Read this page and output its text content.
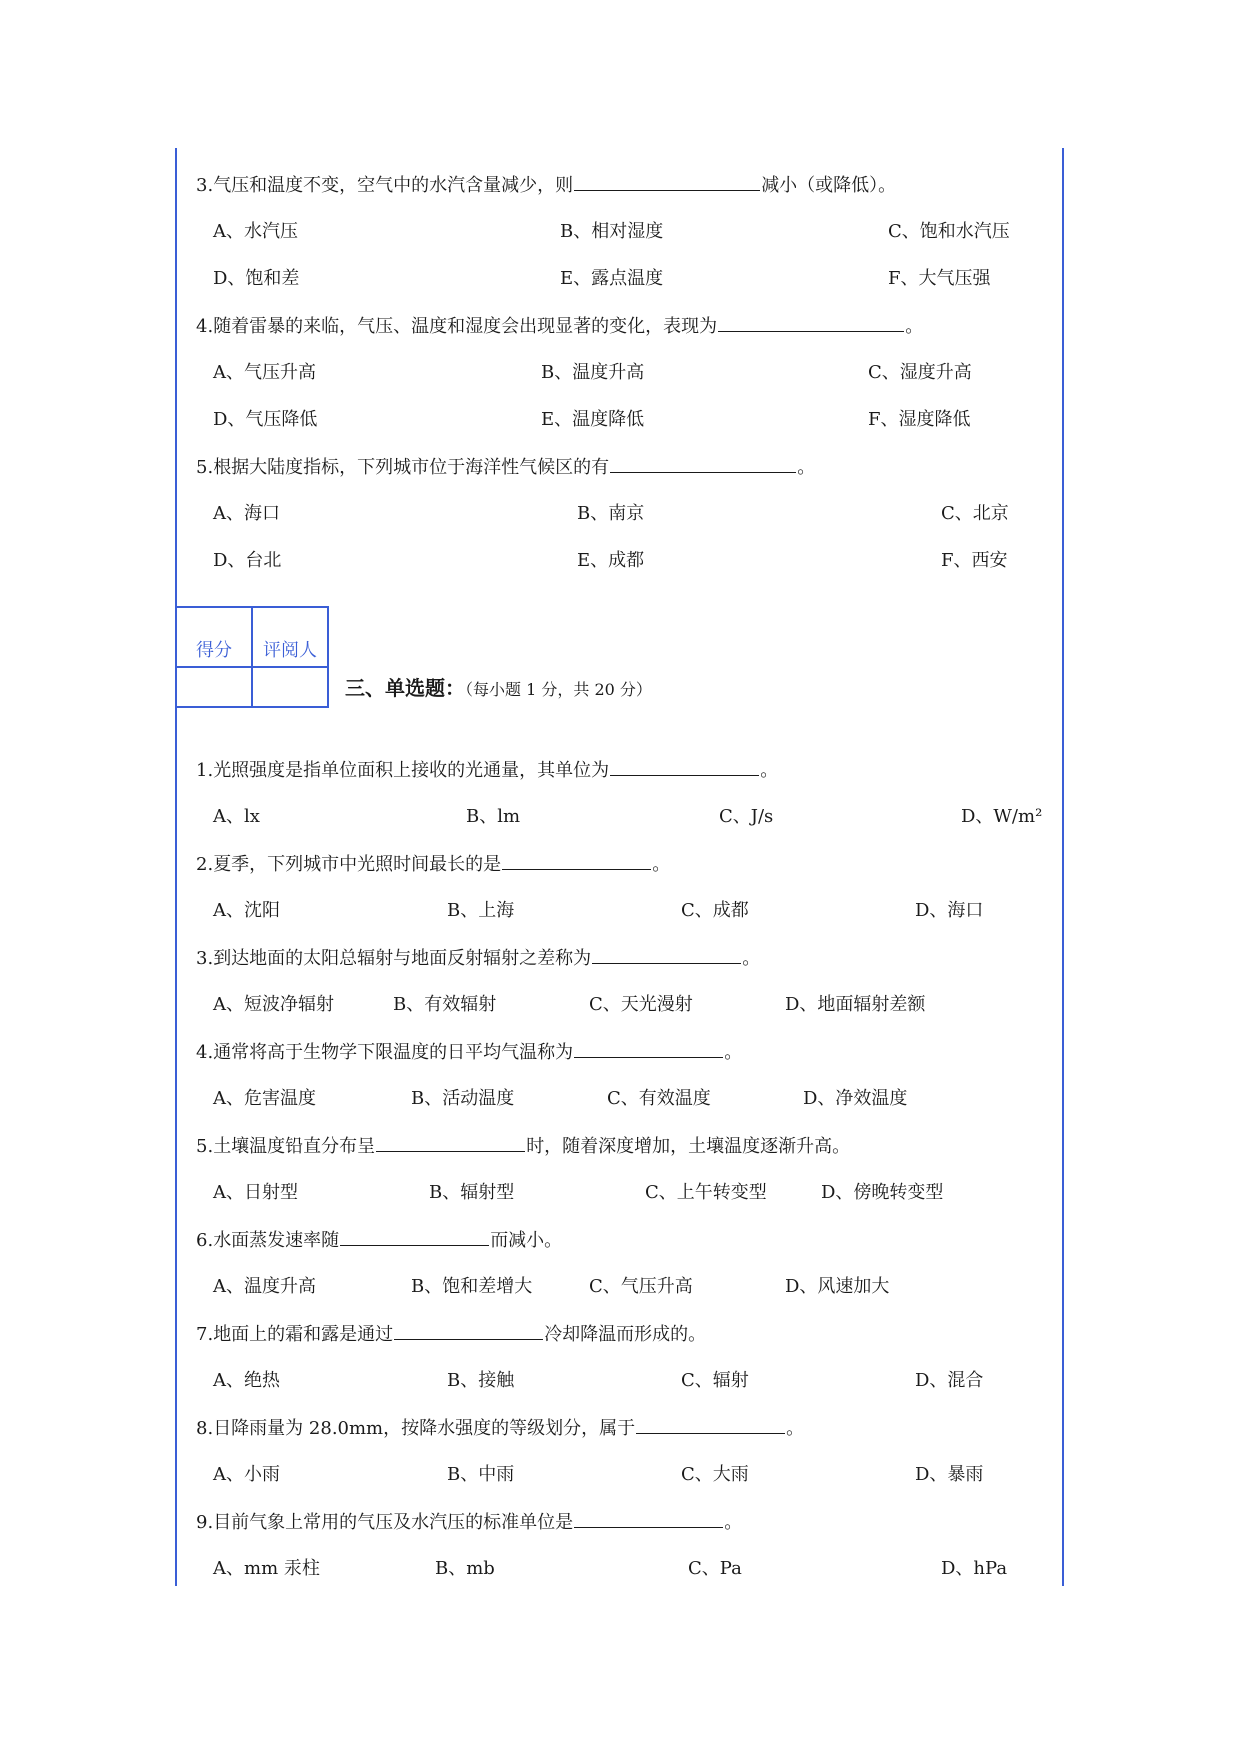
3.气压和温度不变，空气中的水汽含量减少，则	减小（或降低）。
A、水汽压	B、相对湿度	C、饱和水汽压
D、饱和差	E、露点温度	F、大气压强
4.随着雷暴的来临，气压、温度和湿度会出现显著的变化，表现为	。
A、气压升高	B、温度升高	C、湿度升高
D、气压降低	E、温度降低	F、湿度降低
5.根据大陆度指标，下列城市位于海洋性气候区的有	。
A、海口	B、南京	C、北京
D、台北	E、成都	F、西安
得分	评阅人

三、单选题：（每小题 1 分，共 20 分）
1.光照强度是指单位面积上接收的光通量，其单位为	。
A、lx	B、lm	C、J/s	D、W/m²
2.夏季，下列城市中光照时间最长的是	。
A、沈阳	B、上海	C、成都	D、海口
3.到达地面的太阳总辐射与地面反射辐射之差称为	。
A、短波净辐射	B、有效辐射	C、天光漫射	D、地面辐射差额
4.通常将高于生物学下限温度的日平均气温称为	。
A、危害温度	B、活动温度	C、有效温度	D、净效温度
5.土壤温度铅直分布呈	时，随着深度增加，土壤温度逐渐升高。
A、日射型	B、辐射型	C、上午转变型	D、傍晚转变型
6.水面蒸发速率随	而减小。
A、温度升高	B、饱和差增大	C、气压升高	D、风速加大
7.地面上的霜和露是通过	冷却降温而形成的。
A、绝热	B、接触	C、辐射	D、混合
8.日降雨量为 28.0mm，按降水强度的等级划分，属于	。
A、小雨	B、中雨	C、大雨	D、暴雨
9.目前气象上常用的气压及水汽压的标准单位是	。
A、mm 汞柱	B、mb	C、Pa	D、hPa
